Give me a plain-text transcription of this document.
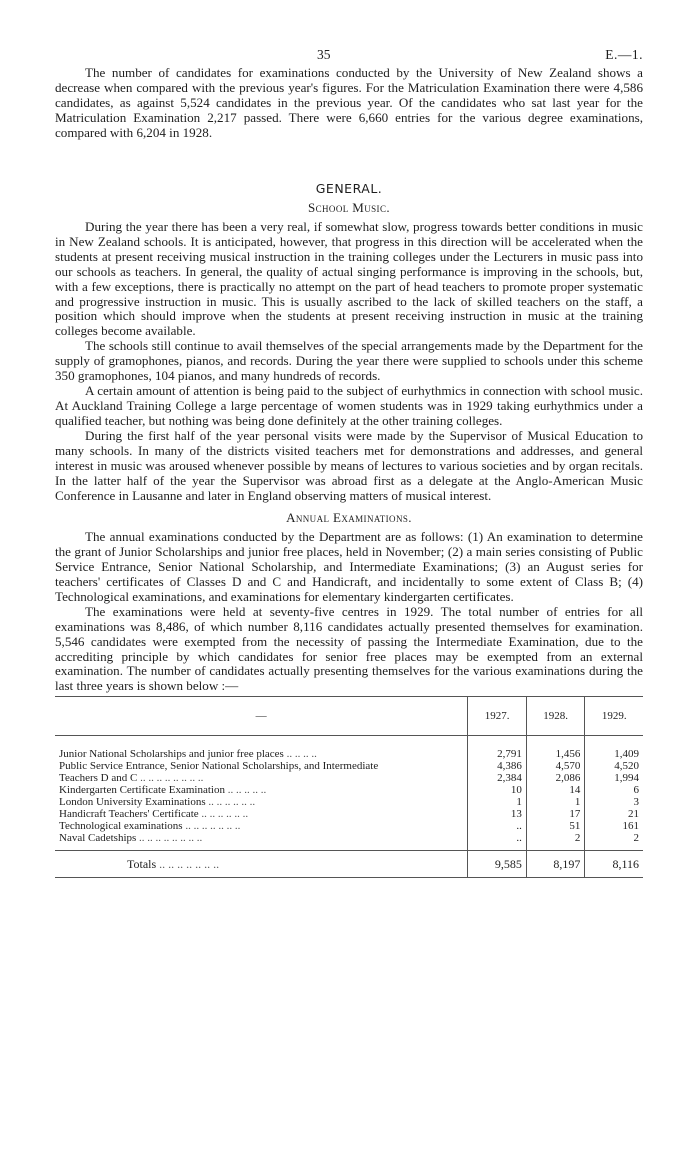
35	E.—1.

The number of candidates for examinations conducted by the University of New Zealand shows a decrease when compared with the previous year's figures. For the Matriculation Examination there were 4,586 candidates, as against 5,524 candidates in the previous year. Of the candidates who sat last year for the Matriculation Examination 2,217 passed. There were 6,660 entries for the various degree examinations, compared with 6,204 in 1928.

GENERAL.
School Music.

During the year there has been a very real, if somewhat slow, progress towards better conditions in music in New Zealand schools. It is anticipated, however, that progress in this direction will be accelerated when the students at present receiving musical instruction in the training colleges under the Lecturers in music pass into our schools as teachers. In general, the quality of actual singing performance is improving in the schools, but, with a few exceptions, there is practically no attempt on the part of head teachers to promote proper systematic and progressive instruction in music. This is usually ascribed to the lack of skilled teachers on the staff, a position which should improve when the students at present receiving instruction in music at the training colleges become available.

The schools still continue to avail themselves of the special arrangements made by the Department for the supply of gramophones, pianos, and records. During the year there were supplied to schools under this scheme 350 gramophones, 104 pianos, and many hundreds of records.

A certain amount of attention is being paid to the subject of eurhythmics in connection with school music. At Auckland Training College a large percentage of women students was in 1929 taking eurhythmics under a qualified teacher, but nothing was being done definitely at the other training colleges.

During the first half of the year personal visits were made by the Supervisor of Musical Education to many schools. In many of the districts visited teachers met for demonstrations and addresses, and general interest in music was aroused whenever possible by means of lectures to various societies and by organ recitals. In the latter half of the year the Supervisor was abroad first as a delegate at the Anglo-American Music Conference in Lausanne and later in England observing matters of musical interest.

Annual Examinations.

The annual examinations conducted by the Department are as follows: (1) An examination to determine the grant of Junior Scholarships and junior free places, held in November; (2) a main series consisting of Public Service Entrance, Senior National Scholarship, and Intermediate Examinations; (3) an August series for teachers' certificates of Classes D and C and Handicraft, and incidentally to some extent of Class B; (4) Technological examinations, and examinations for elementary kindergarten certificates.

The examinations were held at seventy-five centres in 1929. The total number of entries for all examinations was 8,486, of which number 8,116 candidates actually presented themselves for examination. 5,546 candidates were exempted from the necessity of passing the Intermediate Examination, due to the accrediting principle by which candidates for senior free places may be exempted from an external examination. The number of candidates actually presenting themselves for the various examinations during the last three years is shown below :—

—	1927.	1928.	1929.
Junior National Scholarships and junior free places .. .. .. ..	2,791	1,456	1,409
Public Service Entrance, Senior National Scholarships, and Intermediate	4,386	4,570	4,520
Teachers D and C .. .. .. .. .. .. .. ..	2,384	2,086	1,994
Kindergarten Certificate Examination .. .. .. .. ..	10	14	6
London University Examinations .. .. .. .. .. ..	1	1	3
Handicraft Teachers' Certificate .. .. .. .. .. ..	13	17	21
Technological examinations .. .. .. .. .. .. ..	..	51	161
Naval Cadetships .. .. .. .. .. .. .. ..	..	2	2
Totals .. .. .. .. .. .. ..	9,585	8,197	8,116
